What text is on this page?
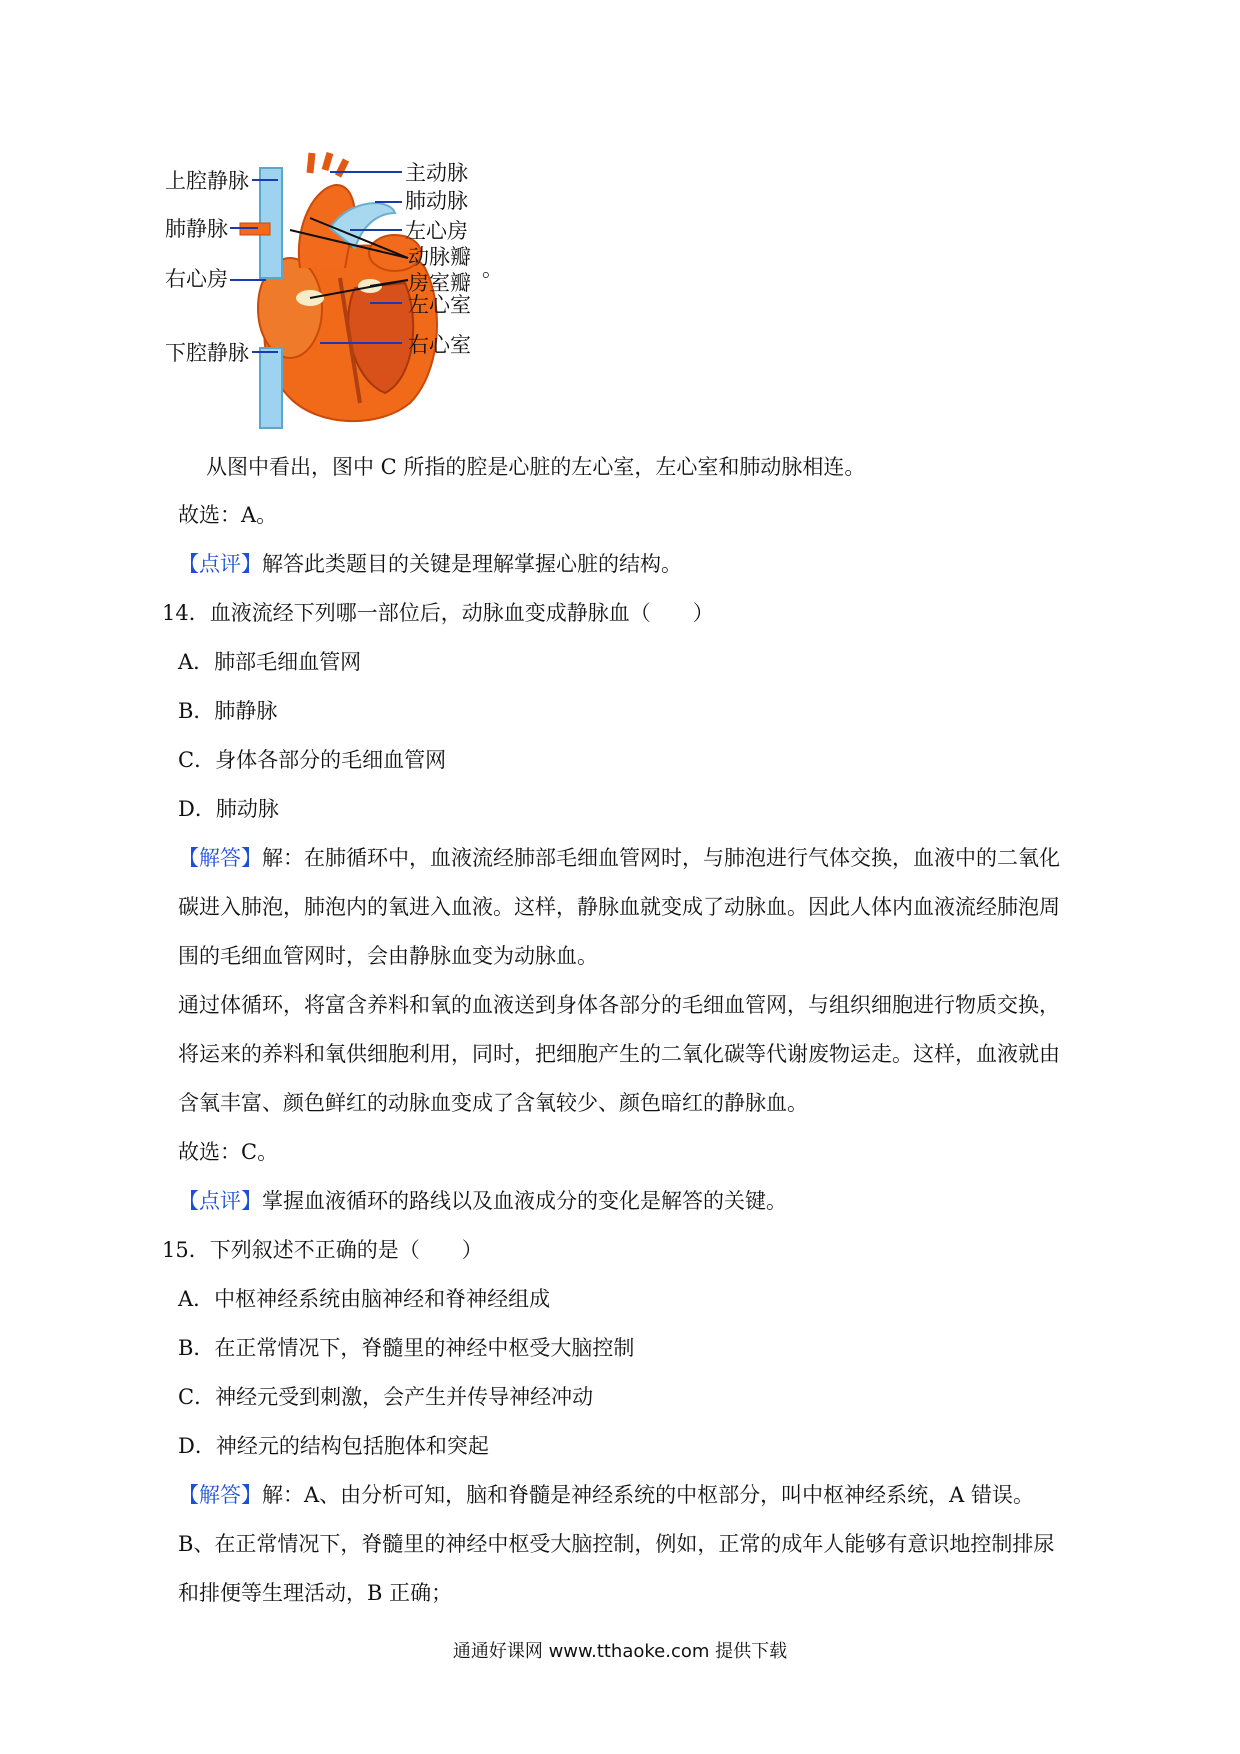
上腔静脉
肺静脉
右心房
下腔静脉
主动脉
肺动脉
左心房
动脉瓣
房室瓣
左心室
右心室
。
从图中看出，图中 C 所指的腔是心脏的左心室，左心室和肺动脉相连。
故选：A。
【点评】解答此类题目的关键是理解掌握心脏的结构。
14．血液流经下列哪一部位后，动脉血变成静脉血（　　）
A．肺部毛细血管网
B．肺静脉
C．身体各部分的毛细血管网
D．肺动脉
【解答】解：在肺循环中，血液流经肺部毛细血管网时，与肺泡进行气体交换，血液中的二氧化
碳进入肺泡，肺泡内的氧进入血液。这样，静脉血就变成了动脉血。因此人体内血液流经肺泡周
围的毛细血管网时，会由静脉血变为动脉血。
通过体循环，将富含养料和氧的血液送到身体各部分的毛细血管网，与组织细胞进行物质交换，
将运来的养料和氧供细胞利用，同时，把细胞产生的二氧化碳等代谢废物运走。这样，血液就由
含氧丰富、颜色鲜红的动脉血变成了含氧较少、颜色暗红的静脉血。
故选：C。
【点评】掌握血液循环的路线以及血液成分的变化是解答的关键。
15．下列叙述不正确的是（　　）
A．中枢神经系统由脑神经和脊神经组成
B．在正常情况下，脊髓里的神经中枢受大脑控制
C．神经元受到刺激，会产生并传导神经冲动
D．神经元的结构包括胞体和突起
【解答】解：A、由分析可知，脑和脊髓是神经系统的中枢部分，叫中枢神经系统，A 错误。
B、在正常情况下，脊髓里的神经中枢受大脑控制，例如，正常的成年人能够有意识地控制排尿
和排便等生理活动，B 正确；
通通好课网 www.tthaoke.com 提供下载
